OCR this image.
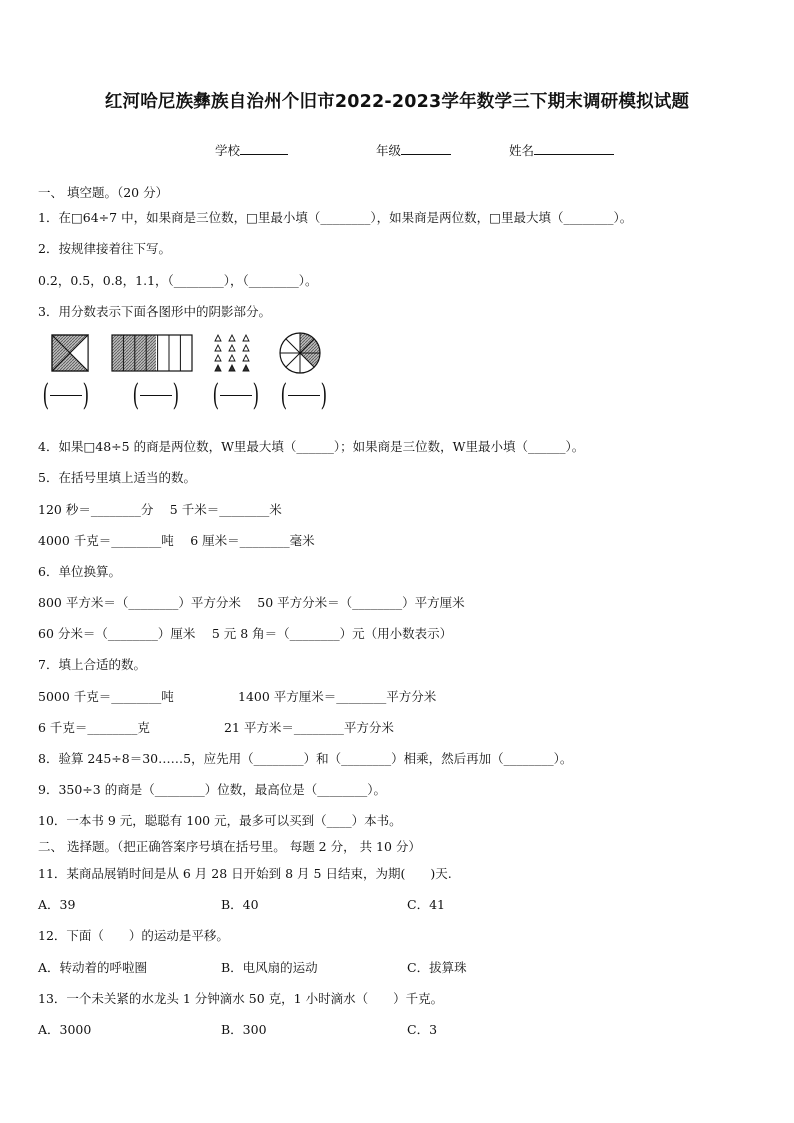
红河哈尼族彝族自治州个旧市2022-2023学年数学三下期末调研模拟试题
学校	年级	姓名
一、 填空题。（20 分）
1．在□64÷7 中，如果商是三位数，□里最小填（________），如果商是两位数，□里最大填（________）。
2．按规律接着往下写。
0.2，0.5，0.8，1.1，（________），（________）。
3．用分数表示下面各图形中的阴影部分。
( ) ( ) ( ) ( )
4．如果□48÷5 的商是两位数，W里最大填（______）；如果商是三位数，W里最小填（______）。
5．在括号里填上适当的数。
120 秒＝________分　 5 千米＝________米
4000 千克＝________吨　 6 厘米＝________毫米
6．单位换算。
800 平方米＝（________）平方分米　 50 平方分米＝（________）平方厘米
60 分米＝（________）厘米　 5 元 8 角＝（________）元（用小数表示）
7．填上合适的数。
5000 千克＝________吨	1400 平方厘米＝________平方分米
6 千克＝________克	21 平方米＝________平方分米
8．验算 245÷8＝30……5，应先用（________）和（________）相乘，然后再加（________）。
9．350÷3 的商是（________）位数，最高位是（________）。
10．一本书 9 元，聪聪有 100 元，最多可以买到（____）本书。
二、 选择题。（把正确答案序号填在括号里。 每题 2 分， 共 10 分）
11．某商品展销时间是从 6 月 28 日开始到 8 月 5 日结束，为期(　　)天.
A．39	B．40	C．41
12．下面（　　）的运动是平移。
A．转动着的呼啦圈	B．电风扇的运动	C．拔算珠
13．一个未关紧的水龙头 1 分钟滴水 50 克，1 小时滴水（　　）千克。
A．3000	B．300	C．3
